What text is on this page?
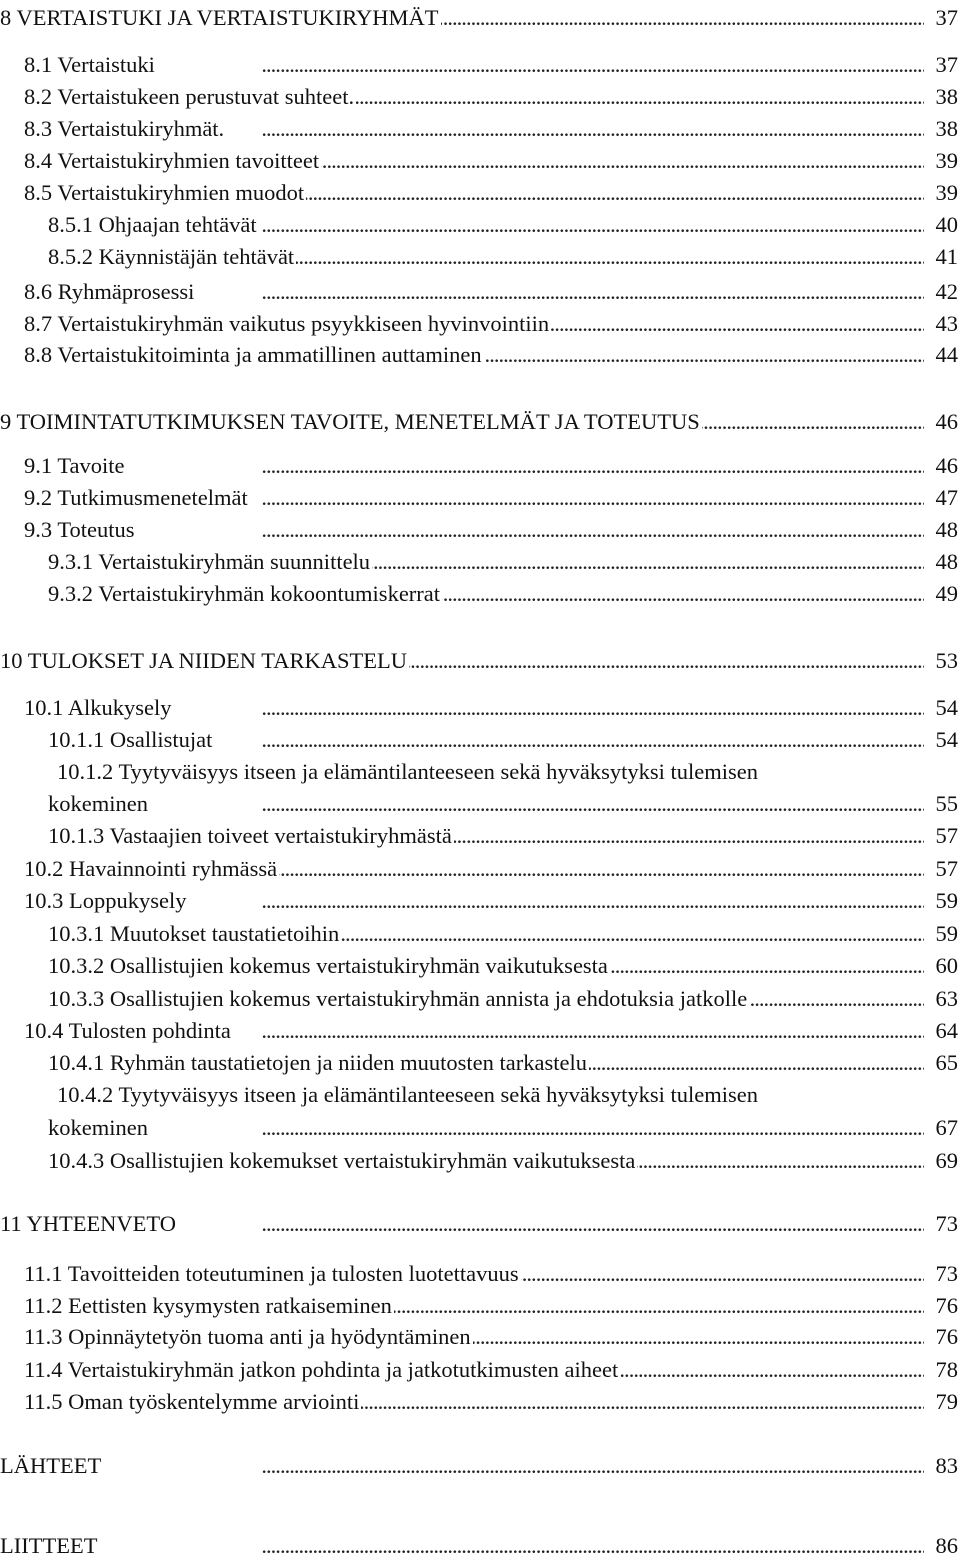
. . .
8 VERTAISTUKI JA VERTAISTUKIRYHMÄT	37
. . .
8.1 Vertaistuki	37
. . .
8.2 Vertaistukeen perustuvat suhteet.	38
. . .
8.3 Vertaistukiryhmät.	38
. . .
8.4 Vertaistukiryhmien tavoitteet	39
. . .
8.5 Vertaistukiryhmien muodot	39
. . .
8.5.1 Ohjaajan tehtävät	40
. . .
8.5.2 Käynnistäjän tehtävät	41
. . .
8.6 Ryhmäprosessi	42
. . .
8.7 Vertaistukiryhmän vaikutus psyykkiseen hyvinvointiin	43
. . .
8.8 Vertaistukitoiminta ja ammatillinen auttaminen	44
. . .
9 TOIMINTATUTKIMUKSEN TAVOITE, MENETELMÄT JA TOTEUTUS	46
. . .
9.1 Tavoite	46
. . .
9.2 Tutkimusmenetelmät	47
. . .
9.3 Toteutus	48
. . .
9.3.1 Vertaistukiryhmän suunnittelu	48
. . .
9.3.2 Vertaistukiryhmän kokoontumiskerrat	49
. . .
10 TULOKSET JA NIIDEN TARKASTELU	53
. . .
10.1 Alkukysely	54
. . .
10.1.1 Osallistujat	54
10.1.2 Tyytyväisyys itseen ja elämäntilanteeseen sekä hyväksytyksi tulemisen
. . .
kokeminen	55
. . .
10.1.3 Vastaajien toiveet vertaistukiryhmästä	57
. . .
10.2 Havainnointi ryhmässä	57
. . .
10.3 Loppukysely	59
. . .
10.3.1 Muutokset taustatietoihin	59
. . .
10.3.2 Osallistujien kokemus vertaistukiryhmän vaikutuksesta	60
. . .
10.3.3 Osallistujien kokemus vertaistukiryhmän annista ja ehdotuksia jatkolle	63
. . .
10.4 Tulosten pohdinta	64
. . .
10.4.1 Ryhmän taustatietojen ja niiden muutosten tarkastelu	65
10.4.2 Tyytyväisyys itseen ja elämäntilanteeseen sekä hyväksytyksi tulemisen
. . .
kokeminen	67
. . .
10.4.3 Osallistujien kokemukset vertaistukiryhmän vaikutuksesta	69
. . .
11 YHTEENVETO	73
. . .
11.1 Tavoitteiden toteutuminen ja tulosten luotettavuus	73
. . .
11.2 Eettisten kysymysten ratkaiseminen	76
. . .
11.3 Opinnäytetyön tuoma anti ja hyödyntäminen	76
. . .
11.4 Vertaistukiryhmän jatkon pohdinta ja jatkotutkimusten aiheet	78
. . .
11.5 Oman työskentelymme arviointi	79
. . .
LÄHTEET	83
. . .
LIITTEET	86
